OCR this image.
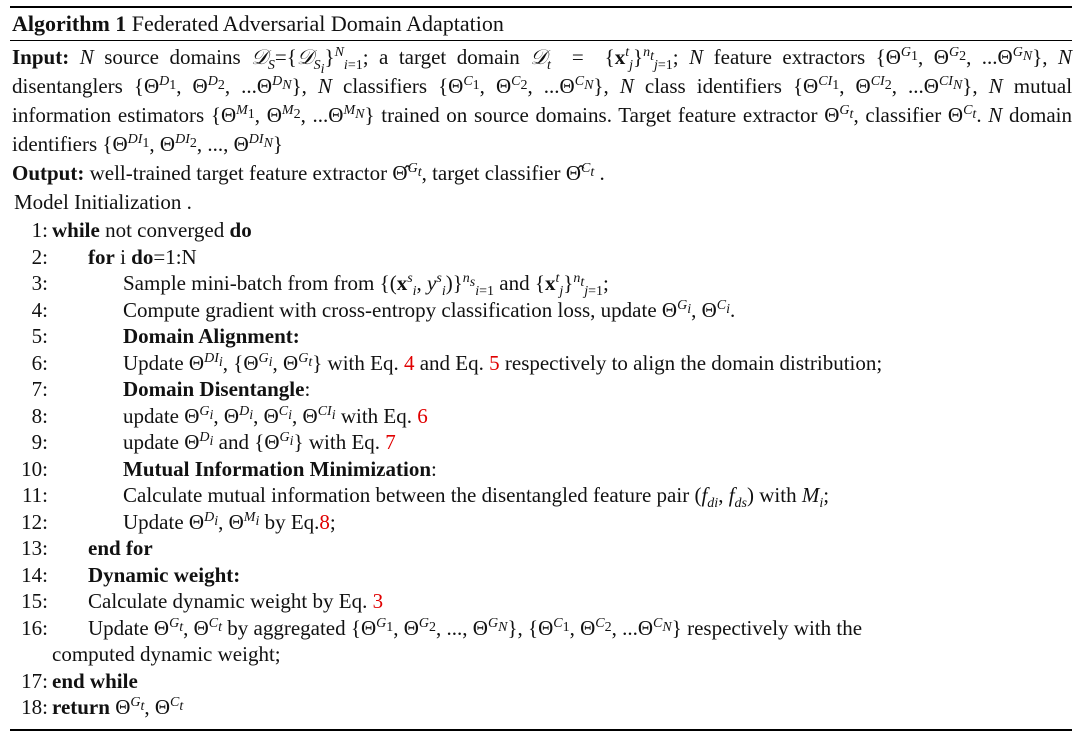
Algorithm 1 Federated Adversarial Domain Adaptation

Input: N source domains 𝒟$_S$={𝒟$_{S_i}$}$^N_{i=1}$; a target domain 𝒟$_t$  =  $\{x^t_j\}^{n_t}_{j=1}$; N feature extractors {$\Theta^{G_1}$, $\Theta^{G_2}$, $...\Theta^{G_N}$}, N disentanglers {$\Theta^{D_1}$, $\Theta^{D_2}$, $...\Theta^{D_N}$}, N classifiers {$\Theta^{C_1}$, $\Theta^{C_2}$, $...\Theta^{C_N}$}, N class identifiers {$\Theta^{CI_1}$, $\Theta^{CI_2}$, $...\Theta^{CI_N}$}, N mutual information estimators {$\Theta^{M_1}$, $\Theta^{M_2}$, $...\Theta^{M_N}$} trained on source domains. Target feature extractor $\Theta^{G_t}$, classifier $\Theta^{C_t}$. N domain identifiers {$\Theta^{DI_1}$, $\Theta^{DI_2}$, ..., $\Theta^{DI_N}$}

Output: well-trained target feature extractor Θ̂$^{G_t}$, target classifier Θ̂$^{C_t}$ .

Model Initialization .
1: while not converged do
2:	for i do=1:N
3:	Sample mini-batch from from {($x^s_i$, $y^s_i)\}^{n_s}_{i=1}$ and $\{x^t_j\}^{n_t}_{j=1}$;
4:	Compute gradient with cross-entropy classification loss, update $\Theta^{G_i}$, $\Theta^{C_i}$.
5:	Domain Alignment:
6:	Update $\Theta^{DI_i}$, {$\Theta^{G_i}$, $\Theta^{G_t}$} with Eq. 4 and Eq. 5 respectively to align the domain distribution;
7:	Domain Disentangle:
8:	update $\Theta^{G_i}$, $\Theta^{D_i}$, $\Theta^{C_i}$, $\Theta^{CI_i}$ with Eq. 6
9:	update $\Theta^{D_i}$ and $\{\Theta^{G_i}\}$ with Eq. 7
10:	Mutual Information Minimization:
11:	Calculate mutual information between the disentangled feature pair ($f_{di}$, $f_{ds}$) with $M_i$;
12:	Update $\Theta^{D_i}$, $\Theta^{M_i}$ by Eq.8;
13:	end for
14:	Dynamic weight:
15:	Calculate dynamic weight by Eq. 3
16:	Update $\Theta^{G_t}$, $\Theta^{C_t}$ by aggregated {$\Theta^{G_1}$, $\Theta^{G_2}$, ..., $\Theta^{G_N}$}, {$\Theta^{C_1}$, $\Theta^{C_2}$, $...\Theta^{C_N}$} respectively with the
computed dynamic weight;
17: end while
18: return $\Theta^{G_t}$, $\Theta^{C_t}$
